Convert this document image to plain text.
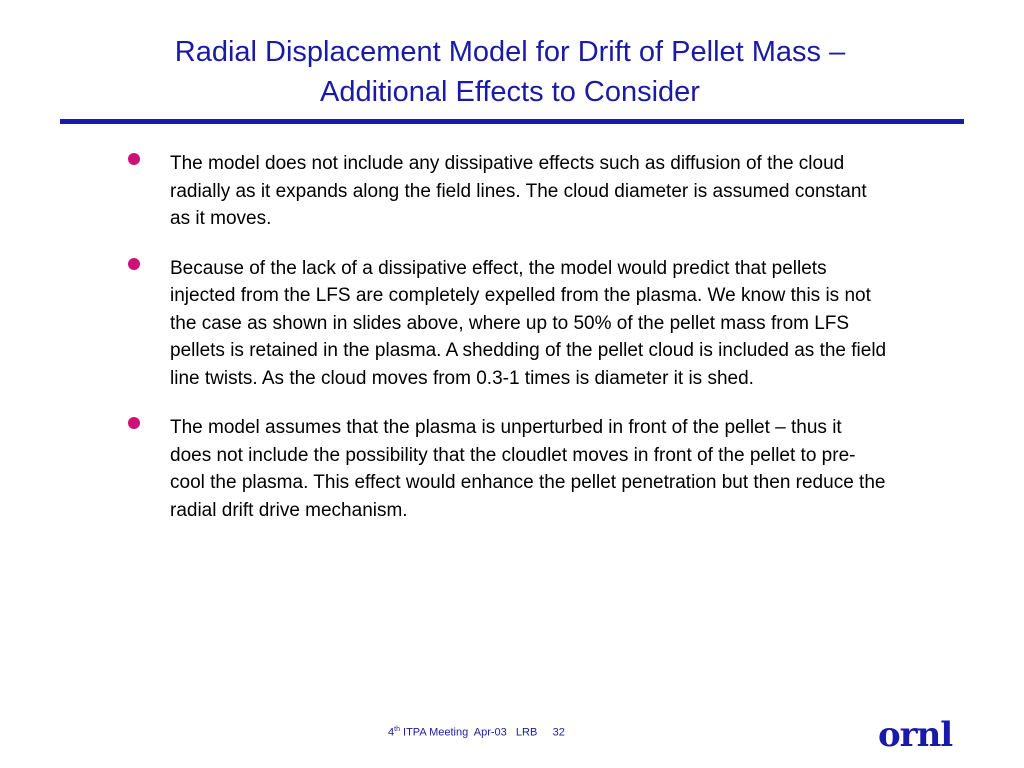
Radial Displacement Model for Drift of Pellet Mass –
Additional Effects to Consider
The model does not include any dissipative effects such as diffusion of the cloud radially as it expands along the field lines. The cloud diameter is assumed constant as it moves.
Because of the lack of a dissipative effect, the model would predict that pellets injected from the LFS are completely expelled from the plasma. We know this is not the case as shown in slides above, where up to 50% of the pellet mass from LFS pellets is retained in the plasma. A shedding of the pellet cloud is included as the field line twists. As the cloud moves from 0.3-1 times is diameter it is shed.
The model assumes that the plasma is unperturbed in front of the pellet – thus it does not include the possibility that the cloudlet moves in front of the pellet to pre-cool the plasma. This effect would enhance the pellet penetration but then reduce the radial drift drive mechanism.
4th ITPA Meeting  Apr-03   LRB     32	ornl
